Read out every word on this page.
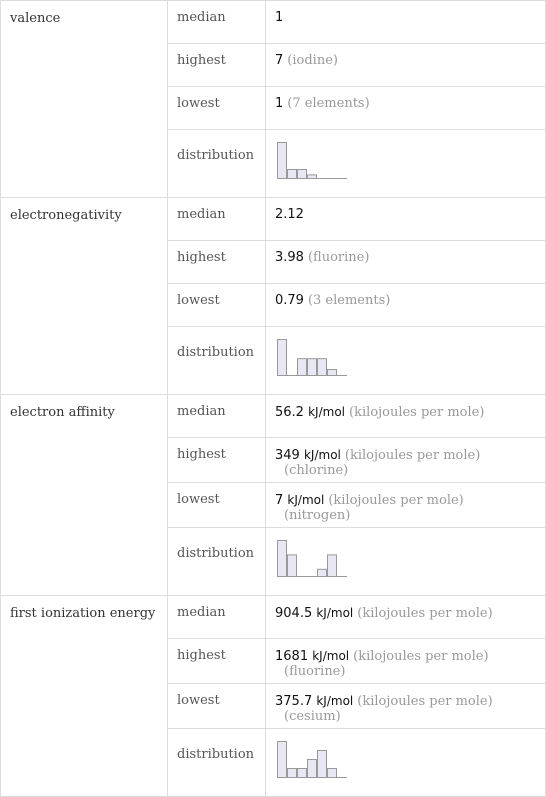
valence	median	1
	highest	7 (iodine)
	lowest	1 (7 elements)
	distribution	
electronegativity	median	2.12
	highest	3.98 (fluorine)
	lowest	0.79 (3 elements)
	distribution	
electron affinity	median	56.2 kJ/mol (kilojoules per mole)
	highest	349 kJ/mol (kilojoules per mole)
(chlorine)

	lowest	7 kJ/mol (kilojoules per mole)
(nitrogen)

	distribution	
first ionization energy	median	904.5 kJ/mol (kilojoules per mole)
	highest	1681 kJ/mol (kilojoules per mole)
(fluorine)

	lowest	375.7 kJ/mol (kilojoules per mole)
(cesium)

	distribution	
